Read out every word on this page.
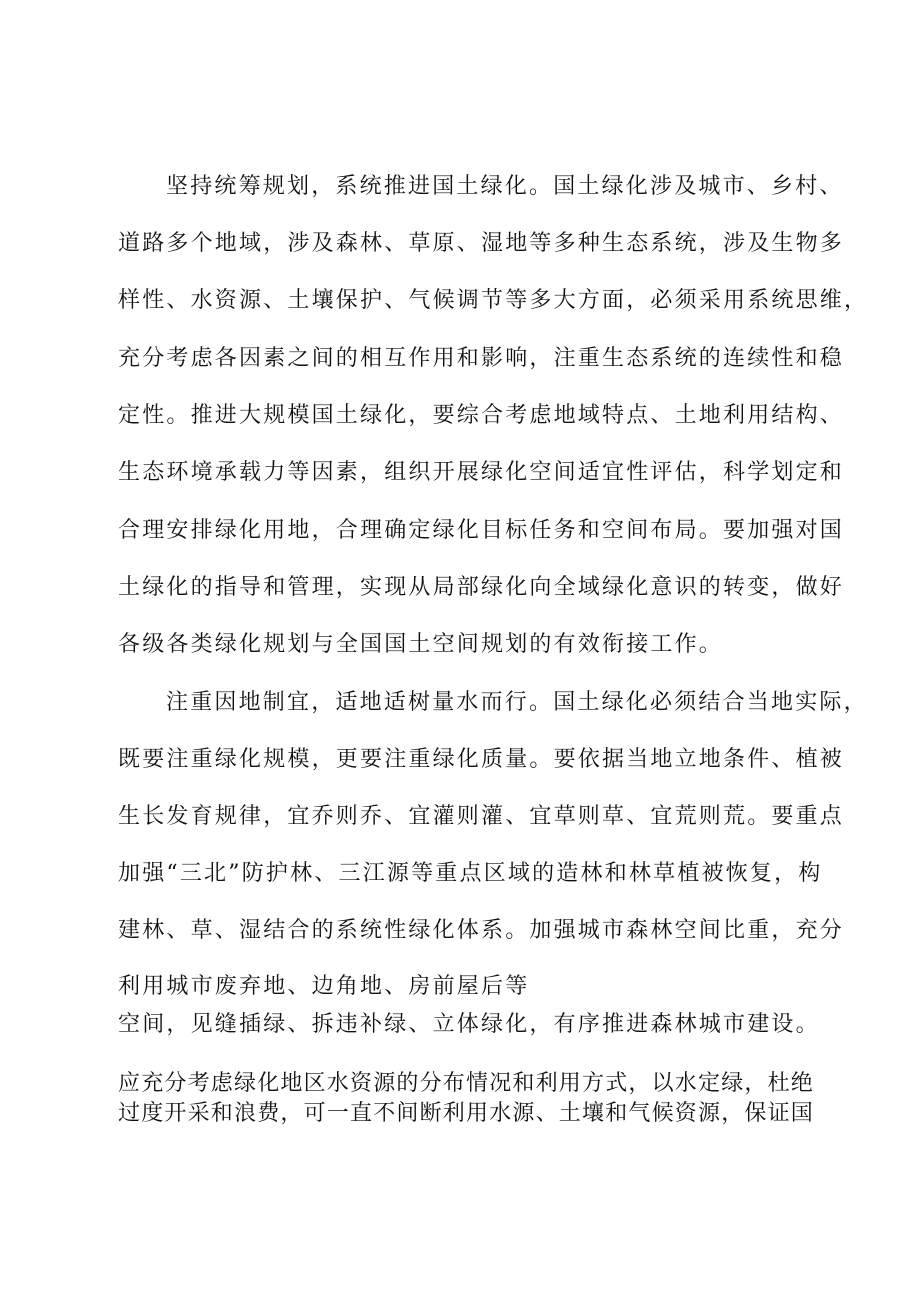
坚持统筹规划，系统推进国土绿化。国土绿化涉及城市、乡村、
道路多个地域，涉及森林、草原、湿地等多种生态系统，涉及生物多
样性、水资源、土壤保护、气候调节等多大方面，必须采用系统思维，
充分考虑各因素之间的相互作用和影响，注重生态系统的连续性和稳
定性。推进大规模国土绿化，要综合考虑地域特点、土地利用结构、
生态环境承载力等因素，组织开展绿化空间适宜性评估，科学划定和
合理安排绿化用地，合理确定绿化目标任务和空间布局。要加强对国
土绿化的指导和管理，实现从局部绿化向全域绿化意识的转变，做好
各级各类绿化规划与全国国土空间规划的有效衔接工作。
注重因地制宜，适地适树量水而行。国土绿化必须结合当地实际，
既要注重绿化规模，更要注重绿化质量。要依据当地立地条件、植被
生长发育规律，宜乔则乔、宜灌则灌、宜草则草、宜荒则荒。要重点
加强“三北”防护林、三江源等重点区域的造林和林草植被恢复，构
建林、草、湿结合的系统性绿化体系。加强城市森林空间比重，充分
利用城市废弃地、边角地、房前屋后等
空间，见缝插绿、拆违补绿、立体绿化，有序推进森林城市建设。
应充分考虑绿化地区水资源的分布情况和利用方式，以水定绿，杜绝
过度开采和浪费，可一直不间断利用水源、土壤和气候资源，保证国
